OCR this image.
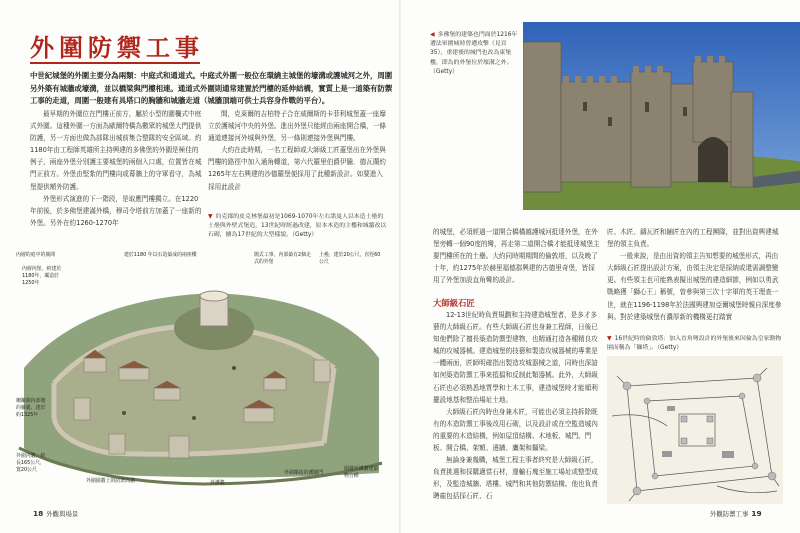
外圍防禦工事
中世紀城堡的外圍主要分為兩類：中庭式和通道式。中庭式外圍一般位在環繞主城堡的壕溝或護城河之外，周圍另外築有城牆或壕溝，並以橋梁與門樓相連。通道式外圍則通常建置於門樓的延伸結構，實質上是一道築有防禦工事的走道，周圍一般建有具塔口的胸牆和城牆走道（城牆頂端可供士兵容身作戰的平台）。

最早期的外圍位在門樓正前方，屬於小型的圍欄式中庭式外圍。這種外圍一方面為歐爾特橋為數眾的城堡大門提供防護，另一方面也做為部隊出城前集合整隊的安全區域。約1180年由工程師英雄所主持興建的多佛堡的外圍是極佳的例子，兩座外堡分別護主要城堡的兩個入口處，位置皆在城門正前方。外堡由堅紮的門樓向或幕牆上的守軍看守，為城堡提供額外防護。

外堡形式演進的下一階段，是取應門樓獨立。在1220年前後，於多佛堡建滿外橋，穆司令塔前方加蓋了一座新的外堡。另外在約1260-1270年

間，克萊爾的吉柏特子合在威爾斯的卡菲利城堡蓋一座靡立於護城河中央的外堡。進出外堡只能經由兩座開合橋，一條通道連接河外城與外堡，另一條則連接外堡與門樓。

大約在此時期，一名工程師或大師級工匠蓋堡出在外堡與門樓的路徑中加入通角轉道，第六代羅里伯爵伊騰．德瓦蘭約1265年左右興建的沙德羅堡便採用了此種新設計。如要進入採用此設計

▼ 約克郡的皮克林堡最初是1069-1070年左右諾曼人以木造土壘的土壘與外壁式堡造，13世紀時經過改建，原本木造的主樓和城牆改以石砌，擴為17世紀的大型樣貌。（Getty）
內層的庭中的廣間
內層內堡，約建於1180年，壩造於1250年
建於1180 年以石造築成的兩座樓	簡式工事，內部築有2個走式的外堡
土壘，建於20公尺，直徑60公尺
柵籬圍內部墻的藤牆，建於約1325年
外圍內牆，約長165公尺，寬20公尺
外圍園牆上的防禦高牆	外護牆
外圍鄰接的護牆門
圍越外溝牆建築物合種
18 外觀與場景
◀ 多佛堡的建築也門面於1216年遭法軍圍城時曾遭攻擊（見頁35），重建後的城門也改為東堡樓，即為的外堡位於壕溝之外。（Getty）

的城堡，必須經過一道開合橋橫越護城河抵達外堡，在外堡旁轉一個90度的彎，再走第二道開合橋才能抵達城堡主要門樓所在的土壘。大約同時期期間的倫敦塔，以及晚了十年，約1275年於赫里福德郡興建的古德里奇堡，皆採用了外堡加設直角彎的設計。

大師級石匠

12-13世紀時負責規劃和主持建造城堡者，是多才多藝的大師級石匠。有些大師級石匠也身兼工程師，日後已知他們除了擅長築造防禦型建物，也精通打造各種精良攻城的攻城器械。建造城堡的技藝和製造攻城器械的專業是一體兩面，匠師明確指出製造攻城器械之道，同時也深諳如何築造防禦工事來抵擋和反制此類器械。此外，大師級石匠也必須熟悉地質學和土木工事，建造城堡時才能順利擺設地基和整治場址土地。

大師級石匠內時也身兼木匠，可能也必須主持拆除既有的木造防禦工事後改用石砌，以及設計或在空監造城內的重要的木造結構，例如屋頂結構、木地板、城門、門板、開合橋、架額、邊牆、鷹架和攝梁。

無論身兼幾職，城堡工程主事者終究是大師級石匠，負責挑選和採購適當石材，運輸石塊至施工場址或整型成形，及監造城牆、塔樓、城門和其他防禦結構。他也負責聘雇包括採石匠、石

匠、木匠、鑄瓦匠和鋪匠在內的工程團隊，並對出資興建城堡的領主負責。

一般來說，是由出資的領主告知想要的城堡形式，再由大師級石匠提出設計方案，由領主決定是採納或還需調整變更。有些領主也可能熟表擬出城堡的建造細節，例如以勇武戰略獲「獅心王」稱號，曾參與第三次十字軍的英王理查一世，就在1196-1198年於法國興建加亞爾城堡時親自深度參與。對於建築城堡有濃厚新的機構更打踏實

▼ 16世紀時的倫敦塔：加入直角彎設計的外堡後來因倫為皇家動物園而稱為「獅塔」。（Getty）
外觀防禦工事 19
